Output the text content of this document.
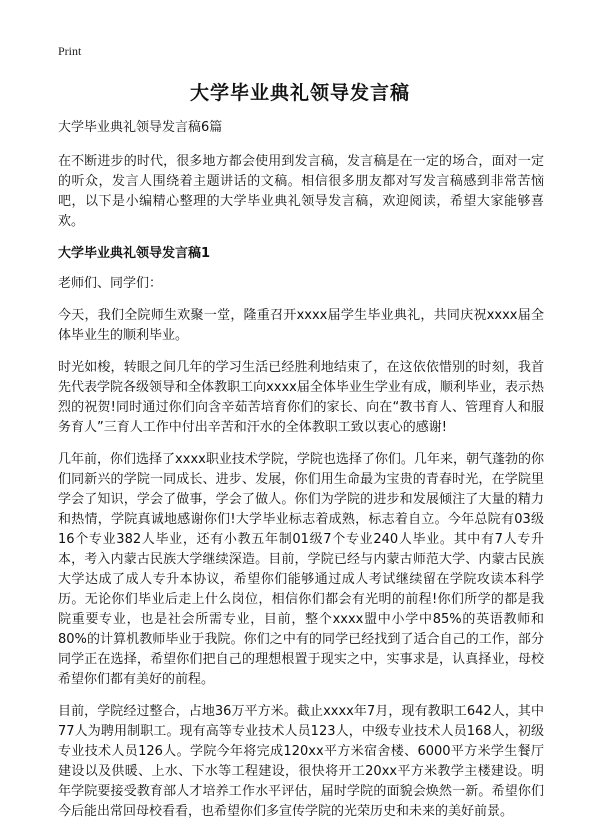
Print
大学毕业典礼领导发言稿

大学毕业典礼领导发言稿6篇

在不断进步的时代，很多地方都会使用到发言稿，发言稿是在一定的场合，面对一定的听众，发言人围绕着主题讲话的文稿。相信很多朋友都对写发言稿感到非常苦恼吧，以下是小编精心整理的大学毕业典礼领导发言稿，欢迎阅读，希望大家能够喜欢。

大学毕业典礼领导发言稿1

老师们、同学们：

今天，我们全院师生欢聚一堂，隆重召开xxxx届学生毕业典礼，共同庆祝xxxx届全体毕业生的顺利毕业。

时光如梭，转眼之间几年的学习生活已经胜利地结束了，在这依依惜别的时刻，我首先代表学院各级领导和全体教职工向xxxx届全体毕业生学业有成，顺利毕业，表示热烈的祝贺!同时通过你们向含辛茹苦培育你们的家长、向在“教书育人、管理育人和服务育人”三育人工作中付出辛苦和汗水的全体教职工致以衷心的感谢!

几年前，你们选择了xxxx职业技术学院，学院也选择了你们。几年来，朝气蓬勃的你们同新兴的学院一同成长、进步、发展，你们用生命最为宝贵的青春时光，在学院里学会了知识，学会了做事，学会了做人。你们为学院的进步和发展倾注了大量的精力和热情，学院真诚地感谢你们!大学毕业标志着成熟，标志着自立。今年总院有03级16个专业382人毕业，还有小教五年制01级7个专业240人毕业。其中有7人专升本，考入内蒙古民族大学继续深造。目前，学院已经与内蒙古师范大学、内蒙古民族大学达成了成人专升本协议，希望你们能够通过成人考试继续留在学院攻读本科学历。无论你们毕业后走上什么岗位，相信你们都会有光明的前程!你们所学的都是我院重要专业，也是社会所需专业，目前，整个xxxx盟中小学中85%的英语教师和80%的计算机教师毕业于我院。你们之中有的同学已经找到了适合自己的工作，部分同学正在选择，希望你们把自己的理想根置于现实之中，实事求是，认真择业，母校希望你们都有美好的前程。

目前，学院经过整合，占地36万平方米。截止xxxx年7月，现有教职工642人，其中77人为聘用制职工。现有高等专业技术人员123人，中级专业技术人员168人，初级专业技术人员126人。学院今年将完成120xx平方米宿舍楼、6000平方米学生餐厅建设以及供暖、上水、下水等工程建设，很快将开工20xx平方米教学主楼建设。明年学院要接受教育部人才培养工作水平评估，届时学院的面貌会焕然一新。希望你们今后能出常回母校看看，也希望你们多宣传学院的光荣历史和未来的美好前景。
